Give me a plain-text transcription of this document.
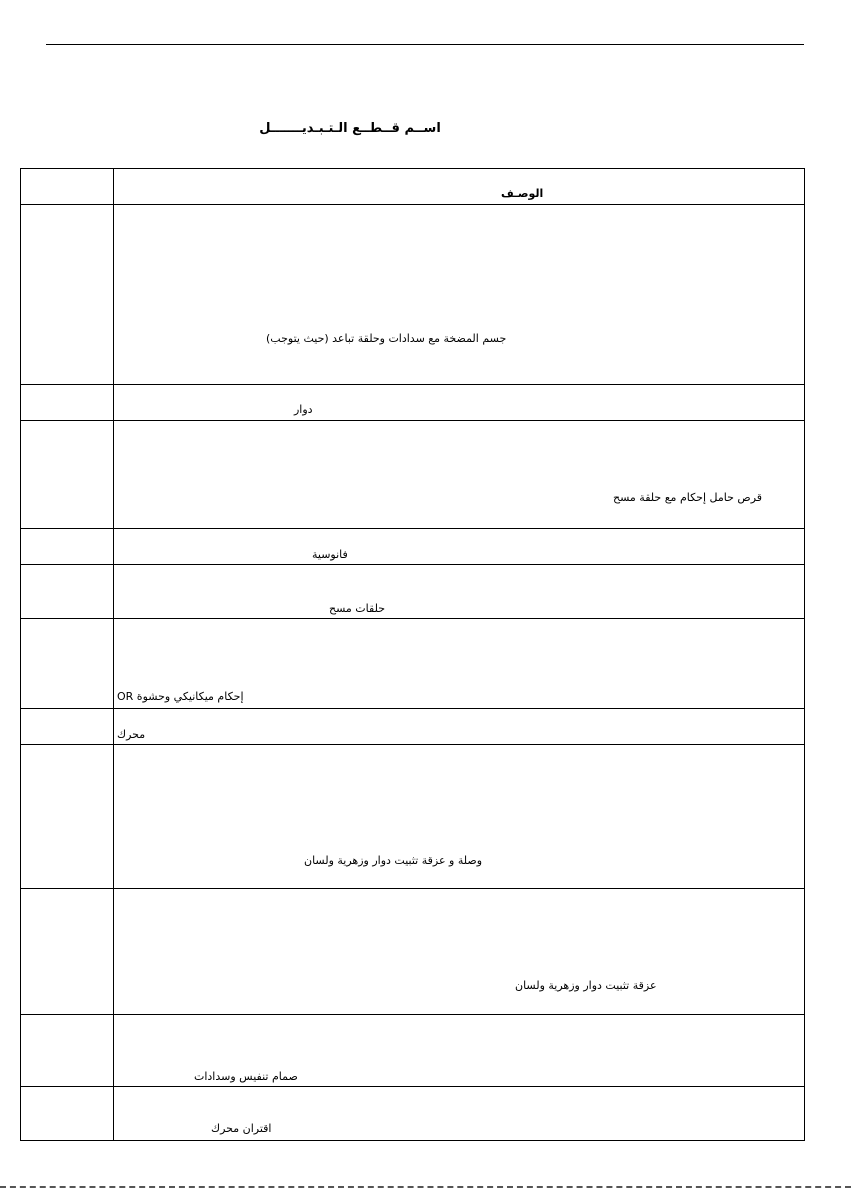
اســم قــطــع الـتـبـديـــــــل
الوصـف
جسم المضخة مع سدادات وحلقة تباعد (حيث يتوجب)
دوار
قرص حامل إحكام مع حلقة مسح
فانوسية
حلقات مسح
إحكام ميكانيكي وحشوة OR
محرك
وصلة و عزقة تثبيت دوار وزهرية ولسان
عزقة تثبيت دوار وزهرية ولسان
صمام تنفيس وسدادات
اقتران محرك
